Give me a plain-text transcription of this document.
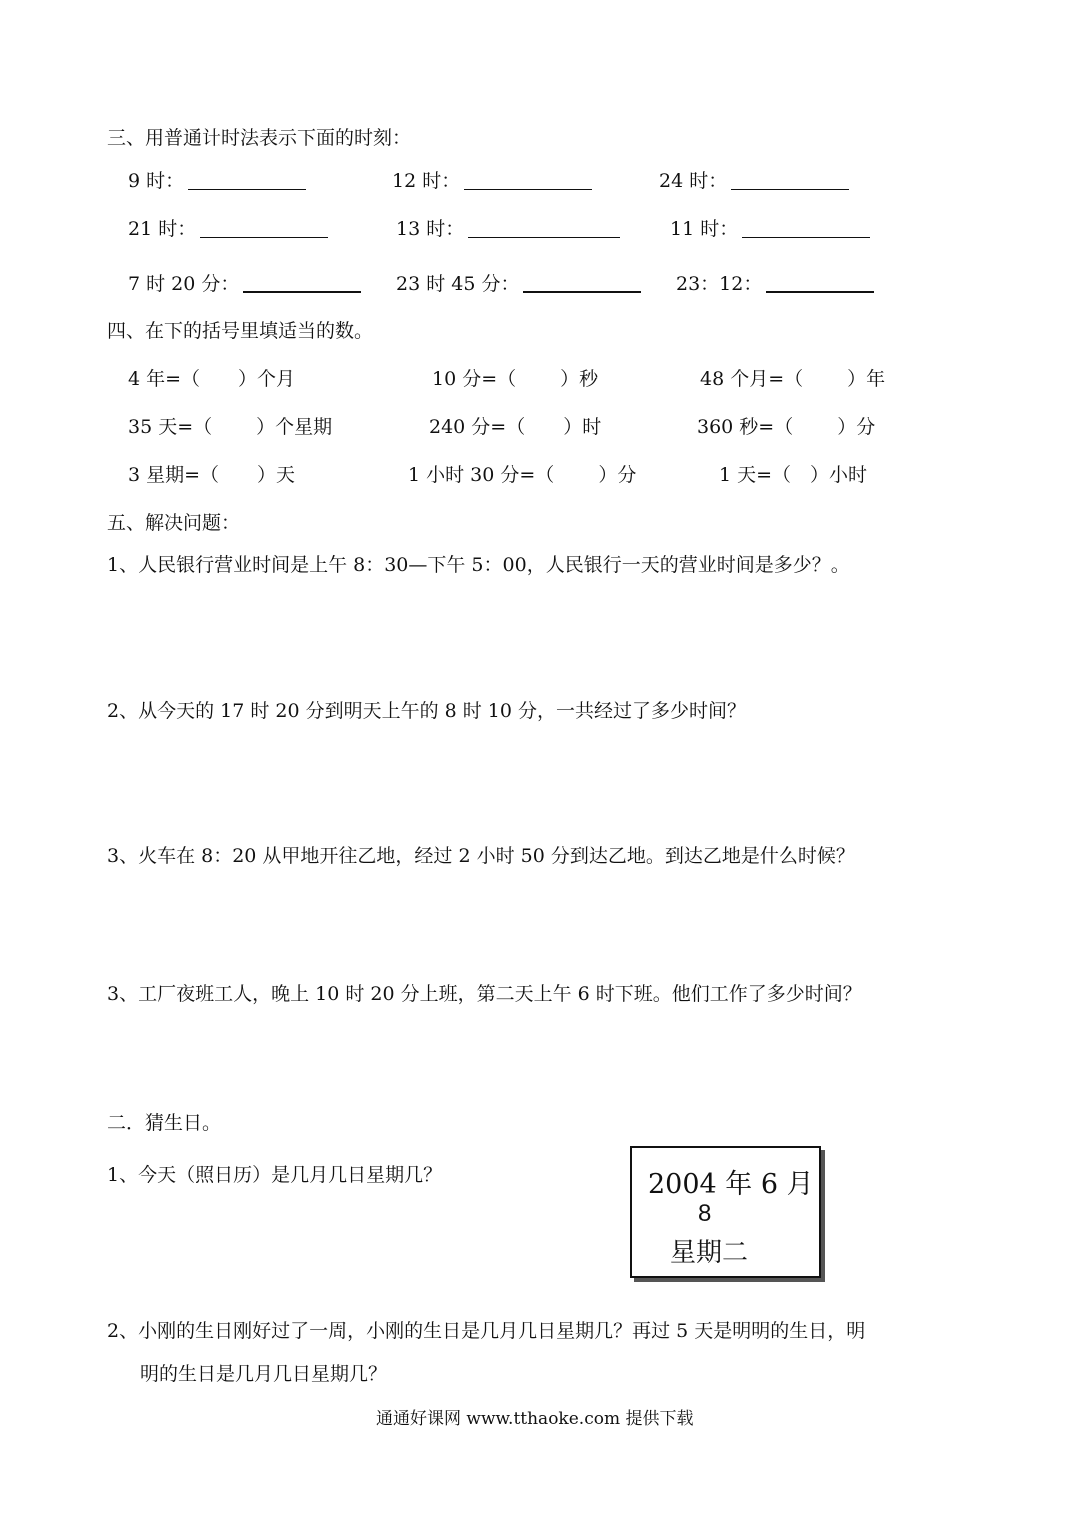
三、用普通计时法表示下面的时刻：
9 时：	12 时：	24 时：
21 时：	13 时：	11 时：
7 时 20 分：	23 时 45 分：	23：12：
四、在下的括号里填适当的数。
4 年=（　　）个月	10 分=（　　 ）秒	48 个月=（　　 ）年
35 天=（　　 ）个星期	240 分=（　　）时	360 秒=（　　 ）分
3 星期=（　　）天	1 小时 30 分=（　　 ）分	1 天=（　）小时
五、解决问题：
1、人民银行营业时间是上午 8：30—下午 5：00，人民银行一天的营业时间是多少？。
2、从今天的 17 时 20 分到明天上午的 8 时 10 分，一共经过了多少时间？
3、火车在 8：20 从甲地开往乙地，经过 2 小时 50 分到达乙地。到达乙地是什么时候？
3、工厂夜班工人，晚上 10 时 20 分上班，第二天上午 6 时下班。他们工作了多少时间？
二．猜生日。
1、今天（照日历）是几月几日星期几？	2004 年 6 月
8
星期二
2、小刚的生日刚好过了一周，小刚的生日是几月几日星期几？再过 5 天是明明的生日，明
明的生日是几月几日星期几？
通通好课网 www.tthaoke.com 提供下载
